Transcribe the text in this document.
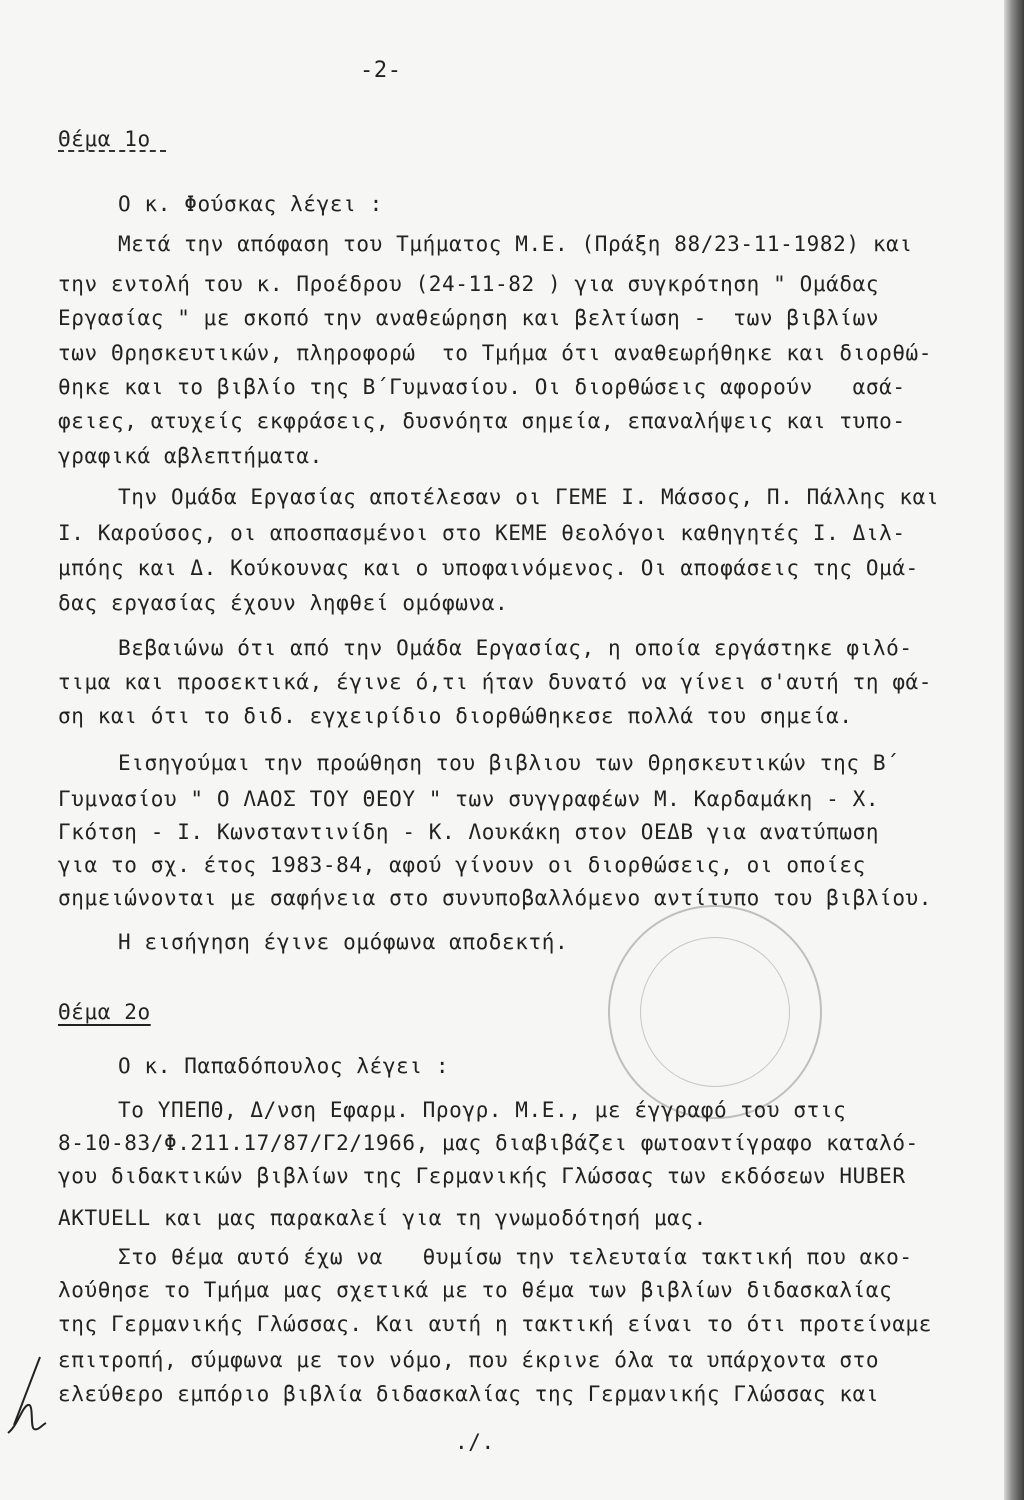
-2-
Θέμα 1ο
Ο κ. Φούσκας λέγει :
Μετά την απόφαση του Τμήματος Μ.Ε. (Πράξη 88/23-11-1982) και
την εντολή του κ. Προέδρου (24-11-82 ) για συγκρότηση " Ομάδας
Εργασίας " με σκοπό την αναθεώρηση και βελτίωση -  των βιβλίων
των Θρησκευτικών, πληροφορώ  το Τμήμα ότι αναθεωρήθηκε και διορθώ-
θηκε και το βιβλίο της Β΄Γυμνασίου. Οι διορθώσεις αφορούν   ασά-
φειες, ατυχείς εκφράσεις, δυσνόητα σημεία, επαναλήψεις και τυπο-
γραφικά αβλεπτήματα.
Την Ομάδα Εργασίας αποτέλεσαν οι ΓΕΜΕ Ι. Μάσσος, Π. Πάλλης και
Ι. Καρούσος, οι αποσπασμένοι στο ΚΕΜΕ θεολόγοι καθηγητές Ι. Διλ-
μπόης και Δ. Κούκουνας και ο υποφαινόμενος. Οι αποφάσεις της Ομά-
δας εργασίας έχουν ληφθεί ομόφωνα.
Βεβαιώνω ότι από την Ομάδα Εργασίας, η οποία εργάστηκε φιλό-
τιμα και προσεκτικά, έγινε ό,τι ήταν δυνατό να γίνει σ'αυτή τη φά-
ση και ότι το διδ. εγχειρίδιο διορθώθηκεσε πολλά του σημεία.
Εισηγούμαι την προώθηση του βιβλιου των Θρησκευτικών της Β΄
Γυμνασίου " Ο ΛΑΟΣ ΤΟΥ ΘΕΟΥ " των συγγραφέων Μ. Καρδαμάκη - Χ.
Γκότση - Ι. Κωνσταντινίδη - Κ. Λουκάκη στον ΟΕΔΒ για ανατύπωση
για το σχ. έτος 1983-84, αφού γίνουν οι διορθώσεις, οι οποίες
σημειώνονται με σαφήνεια στο συνυποβαλλόμενο αντίτυπο του βιβλίου.
Η εισήγηση έγινε ομόφωνα αποδεκτή.
Θέμα 2ο
Ο κ. Παπαδόπουλος λέγει :
Το ΥΠΕΠΘ, Δ/νση Εφαρμ. Προγρ. Μ.Ε., με έγγραφό του στις
8-10-83/Φ.211.17/87/Γ2/1966, μας διαβιβάζει φωτοαντίγραφο καταλό-
γου διδακτικών βιβλίων της Γερμανικής Γλώσσας των εκδόσεων HUBER
AKTUELL και μας παρακαλεί για τη γνωμοδότησή μας.
Στο θέμα αυτό έχω να   θυμίσω την τελευταία τακτική που ακο-
λούθησε το Τμήμα μας σχετικά με το θέμα των βιβλίων διδασκαλίας
της Γερμανικής Γλώσσας. Και αυτή η τακτική είναι το ότι προτείναμε
επιτροπή, σύμφωνα με τον νόμο, που έκρινε όλα τα υπάρχοντα στο
ελεύθερο εμπόριο βιβλία διδασκαλίας της Γερμανικής Γλώσσας και
./.
